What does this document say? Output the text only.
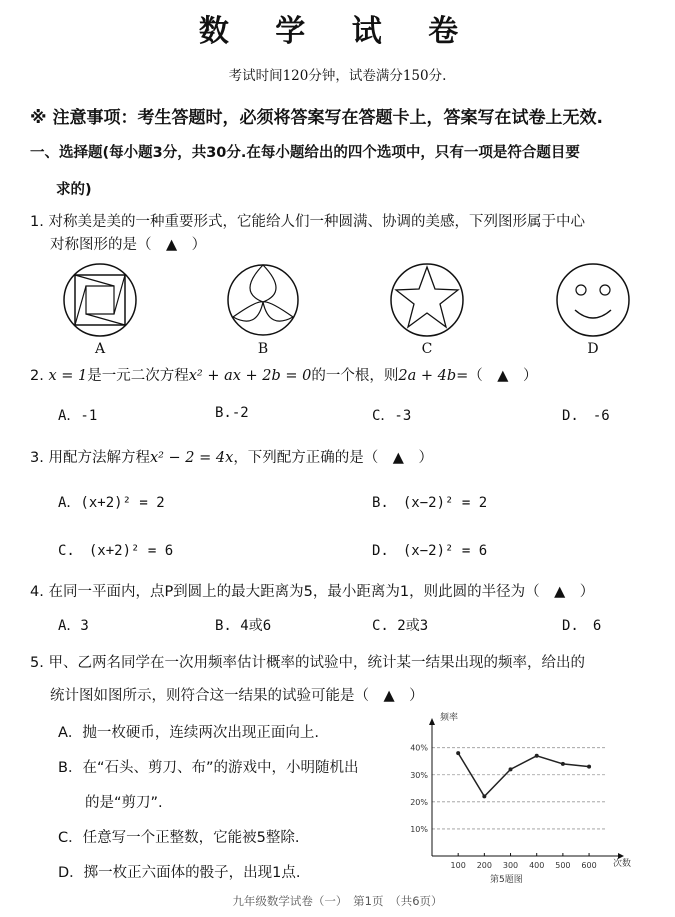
数 学 试 卷
考试时间120分钟，试卷满分150分.
※ 注意事项：考生答题时，必须将答案写在答题卡上，答案写在试卷上无效.
一、选择题(每小题3分，共30分.在每小题给出的四个选项中，只有一项是符合题目要
求的)
1. 对称美是美的一种重要形式，它能给人们一种圆满、协调的美感，下列图形属于中心
对称图形的是（　▲　）
A	B	C	D
2. x = 1是一元二次方程x² + ax + 2b = 0的一个根，则2a + 4b=（　▲　）
A．-1	B.-2	C．-3	D.　-6
3. 用配方法解方程x² − 2 = 4x，下列配方正确的是（　▲　）
A．(x+2)² = 2	B.　(x−2)² = 2
C.　(x+2)² = 6	D.　(x−2)² = 6
4. 在同一平面内，点P到圆上的最大距离为5，最小距离为1，则此圆的半径为（　▲　）
A．3	B. 4或6	C. 2或3	D.　6
5. 甲、乙两名同学在一次用频率估计概率的试验中，统计某一结果出现的频率，给出的
统计图如图所示，则符合这一结果的试验可能是（　▲　）
A．抛一枚硬币，连续两次出现正面向上.
B．在“石头、剪刀、布”的游戏中，小明随机出
的是“剪刀”.
C．任意写一个正整数，它能被5整除.
D．掷一枚正六面体的骰子，出现1点.
频率
次数
第5题图
10%
20%
30%
40%
100 200 300 400 500 600
九年级数学试卷（一）　第1页　（共6页）
